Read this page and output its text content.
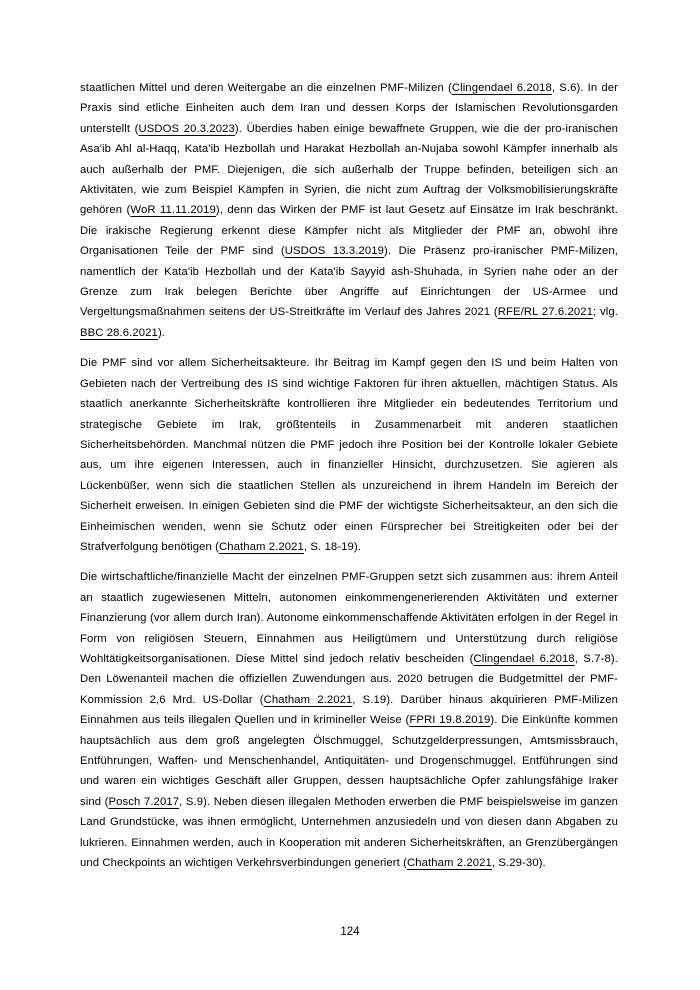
staatlichen Mittel und deren Weitergabe an die einzelnen PMF-Milizen (Clingendael 6.2018, S.6). In der Praxis sind etliche Einheiten auch dem Iran und dessen Korps der Islamischen Revolutionsgarden unterstellt (USDOS 20.3.2023). Überdies haben einige bewaffnete Gruppen, wie die der pro-iranischen Asa'ib Ahl al-Haqq, Kata'ib Hezbollah und Harakat Hezbollah an-Nujaba sowohl Kämpfer innerhalb als auch außerhalb der PMF. Diejenigen, die sich außerhalb der Truppe befinden, beteiligen sich an Aktivitäten, wie zum Beispiel Kämpfen in Syrien, die nicht zum Auftrag der Volksmobilisierungskräfte gehören (WoR 11.11.2019), denn das Wirken der PMF ist laut Gesetz auf Einsätze im Irak beschränkt. Die irakische Regierung erkennt diese Kämpfer nicht als Mitglieder der PMF an, obwohl ihre Organisationen Teile der PMF sind (USDOS 13.3.2019). Die Präsenz pro-iranischer PMF-Milizen, namentlich der Kata'ib Hezbollah und der Kata'ib Sayyid ash-Shuhada, in Syrien nahe oder an der Grenze zum Irak belegen Berichte über Angriffe auf Einrichtungen der US-Armee und Vergeltungsmaßnahmen seitens der US-Streitkräfte im Verlauf des Jahres 2021 (RFE/RL 27.6.2021; vlg. BBC 28.6.2021).

Die PMF sind vor allem Sicherheitsakteure. Ihr Beitrag im Kampf gegen den IS und beim Halten von Gebieten nach der Vertreibung des IS sind wichtige Faktoren für ihren aktuellen, mächtigen Status. Als staatlich anerkannte Sicherheitskräfte kontrollieren ihre Mitglieder ein bedeutendes Territorium und strategische Gebiete im Irak, größtenteils in Zusammenarbeit mit anderen staatlichen Sicherheitsbehörden. Manchmal nützen die PMF jedoch ihre Position bei der Kontrolle lokaler Gebiete aus, um ihre eigenen Interessen, auch in finanzieller Hinsicht, durchzusetzen. Sie agieren als Lückenbüßer, wenn sich die staatlichen Stellen als unzureichend in ihrem Handeln im Bereich der Sicherheit erweisen. In einigen Gebieten sind die PMF der wichtigste Sicherheitsakteur, an den sich die Einheimischen wenden, wenn sie Schutz oder einen Fürsprecher bei Streitigkeiten oder bei der Strafverfolgung benötigen (Chatham 2.2021, S. 18-19).

Die wirtschaftliche/finanzielle Macht der einzelnen PMF-Gruppen setzt sich zusammen aus: ihrem Anteil an staatlich zugewiesenen Mitteln, autonomen einkommengenerierenden Aktivitäten und externer Finanzierung (vor allem durch Iran). Autonome einkommenschaffende Aktivitäten erfolgen in der Regel in Form von religiösen Steuern, Einnahmen aus Heiligtümern und Unterstützung durch religiöse Wohltätigkeitsorganisationen. Diese Mittel sind jedoch relativ bescheiden (Clingendael 6.2018, S.7-8). Den Löwenanteil machen die offiziellen Zuwendungen aus. 2020 betrugen die Budgetmittel der PMF-Kommission 2,6 Mrd. US-Dollar (Chatham 2.2021, S.19). Darüber hinaus akquirieren PMF-Milizen Einnahmen aus teils illegalen Quellen und in krimineller Weise (FPRI 19.8.2019). Die Einkünfte kommen hauptsächlich aus dem groß angelegten Ölschmuggel, Schutzgelderpressungen, Amtsmissbrauch, Entführungen, Waffen- und Menschenhandel, Antiquitäten- und Drogenschmuggel. Entführungen sind und waren ein wichtiges Geschäft aller Gruppen, dessen hauptsächliche Opfer zahlungsfähige Iraker sind (Posch 7.2017, S.9). Neben diesen illegalen Methoden erwerben die PMF beispielsweise im ganzen Land Grundstücke, was ihnen ermöglicht, Unternehmen anzusiedeln und von diesen dann Abgaben zu lukrieren. Einnahmen werden, auch in Kooperation mit anderen Sicherheitskräften, an Grenzübergängen und Checkpoints an wichtigen Verkehrsverbindungen generiert (Chatham 2.2021, S.29-30).

124
